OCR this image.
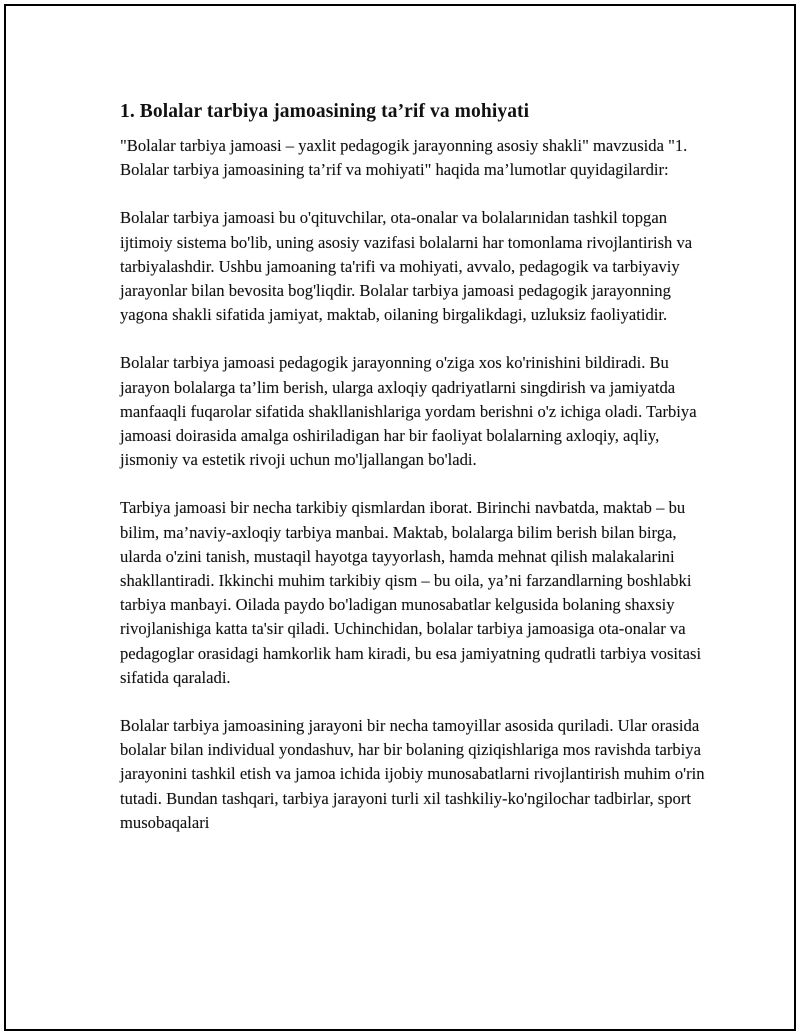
1. Bolalar tarbiya jamoasining ta’rif va mohiyati

"Bolalar tarbiya jamoasi – yaxlit pedagogik jarayonning asosiy shakli" mavzusida "1. Bolalar tarbiya jamoasining ta’rif va mohiyati" haqida ma’lumotlar quyidagilardir:

Bolalar tarbiya jamoasi bu o'qituvchilar, ota-onalar va bolalarınidan tashkil topgan ijtimoiy sistema bo'lib, uning asosiy vazifasi bolalarni har tomonlama rivojlantirish va tarbiyalashdir. Ushbu jamoaning ta'rifi va mohiyati, avvalo, pedagogik va tarbiyaviy jarayonlar bilan bevosita bog'liqdir. Bolalar tarbiya jamoasi pedagogik jarayonning yagona shakli sifatida jamiyat, maktab, oilaning birgalikdagi, uzluksiz faoliyatidir.

Bolalar tarbiya jamoasi pedagogik jarayonning o'ziga xos ko'rinishini bildiradi. Bu jarayon bolalarga ta’lim berish, ularga axloqiy qadriyatlarni singdirish va jamiyatda manfaaqli fuqarolar sifatida shakllanishlariga yordam berishni o'z ichiga oladi. Tarbiya jamoasi doirasida amalga oshiriladigan har bir faoliyat bolalarning axloqiy, aqliy, jismoniy va estetik rivoji uchun mo'ljallangan bo'ladi.

Tarbiya jamoasi bir necha tarkibiy qismlardan iborat. Birinchi navbatda, maktab – bu bilim, ma’naviy-axloqiy tarbiya manbai. Maktab, bolalarga bilim berish bilan birga, ularda o'zini tanish, mustaqil hayotga tayyorlash, hamda mehnat qilish malakalarini shakllantiradi. Ikkinchi muhim tarkibiy qism – bu oila, ya’ni farzandlarning boshlabki tarbiya manbayi. Oilada paydo bo'ladigan munosabatlar kelgusida bolaning shaxsiy rivojlanishiga katta ta'sir qiladi. Uchinchidan, bolalar tarbiya jamoasiga ota-onalar va pedagoglar orasidagi hamkorlik ham kiradi, bu esa jamiyatning qudratli tarbiya vositasi sifatida qaraladi.

Bolalar tarbiya jamoasining jarayoni bir necha tamoyillar asosida quriladi. Ular orasida bolalar bilan individual yondashuv, har bir bolaning qiziqishlariga mos ravishda tarbiya jarayonini tashkil etish va jamoa ichida ijobiy munosabatlarni rivojlantirish muhim o'rin tutadi. Bundan tashqari, tarbiya jarayoni turli xil tashkiliy-ko'ngilochar tadbirlar, sport musobaqalari
